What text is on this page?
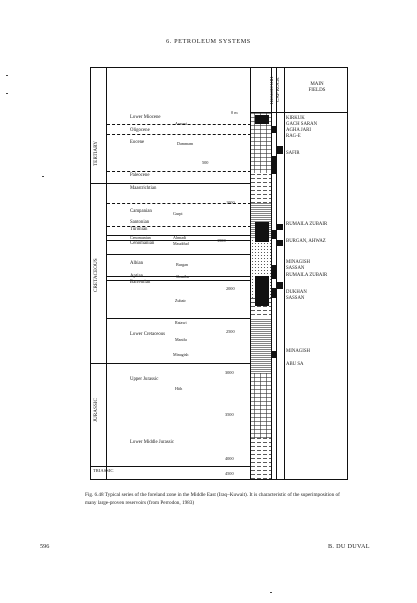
6. PETROLEUM SYSTEMS
RESERVOIR CAP ROCK	MAIN
FIELDS
TERTIARY
CRETACEOUS
JURASSIC
Lower Miocene
Oligocene
Eocene
Paleocene
Maastrichtian
Campanian
Santonian
Turonian
Cenomanian
Cenomanian
Albian
Aptian
Barremian
Lower Cretaceous
Upper Jurassic
Lower Middle Jurassic
TRIASSIC
Asmari
Dammam
Gurpi
Ahmadi
Mauddud
Burgan
Shuaiba
Zubair
Ratawi
Manifa
Minagish
Hith
0 m
500
1000
1500
2000
2500
3000
3500
4000
4500
KIRKUK
GACH SARAN
AGHA JARI
RAG-E
SAFIR
RUMAILA ZUBAIR
BURGAN, AHWAZ
MINAGISH
SASSAN
RUMAILA ZUBAIR
DUKHAN
SASSAN
MINAGISH
ABU SA
Fig. 6.48 Typical series of the foreland zone in the Middle East (Iraq–Kuwait). It is characteristic of the superimposition of many large-proven reservoirs (from Perrodon, 1983)
596	B. DU DUVAL
